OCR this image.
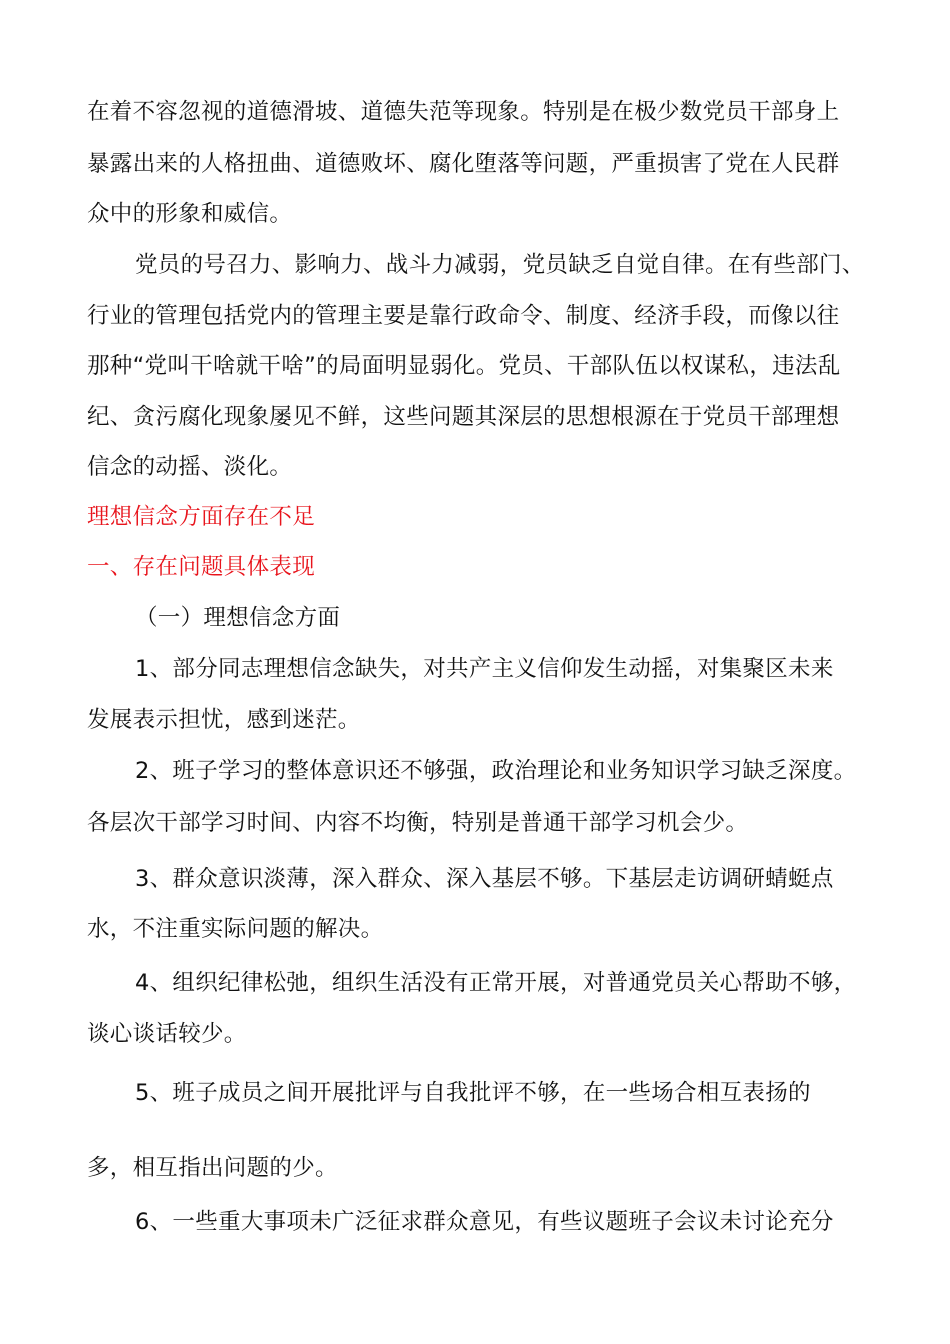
在着不容忽视的道德滑坡、道德失范等现象。特别是在极少数党员干部身上
暴露出来的人格扭曲、道德败坏、腐化堕落等问题，严重损害了党在人民群
众中的形象和威信。
党员的号召力、影响力、战斗力减弱，党员缺乏自觉自律。在有些部门、
行业的管理包括党内的管理主要是靠行政命令、制度、经济手段，而像以往
那种“党叫干啥就干啥”的局面明显弱化。党员、干部队伍以权谋私，违法乱
纪、贪污腐化现象屡见不鲜，这些问题其深层的思想根源在于党员干部理想
信念的动摇、淡化。
理想信念方面存在不足
一、存在问题具体表现
（一）理想信念方面
1、部分同志理想信念缺失，对共产主义信仰发生动摇，对集聚区未来
发展表示担忧，感到迷茫。
2、班子学习的整体意识还不够强，政治理论和业务知识学习缺乏深度。
各层次干部学习时间、内容不均衡，特别是普通干部学习机会少。
3、群众意识淡薄，深入群众、深入基层不够。下基层走访调研蜻蜓点
水，不注重实际问题的解决。
4、组织纪律松弛，组织生活没有正常开展，对普通党员关心帮助不够，
谈心谈话较少。
5、班子成员之间开展批评与自我批评不够，在一些场合相互表扬的
多，相互指出问题的少。
6、一些重大事项未广泛征求群众意见，有些议题班子会议未讨论充分
